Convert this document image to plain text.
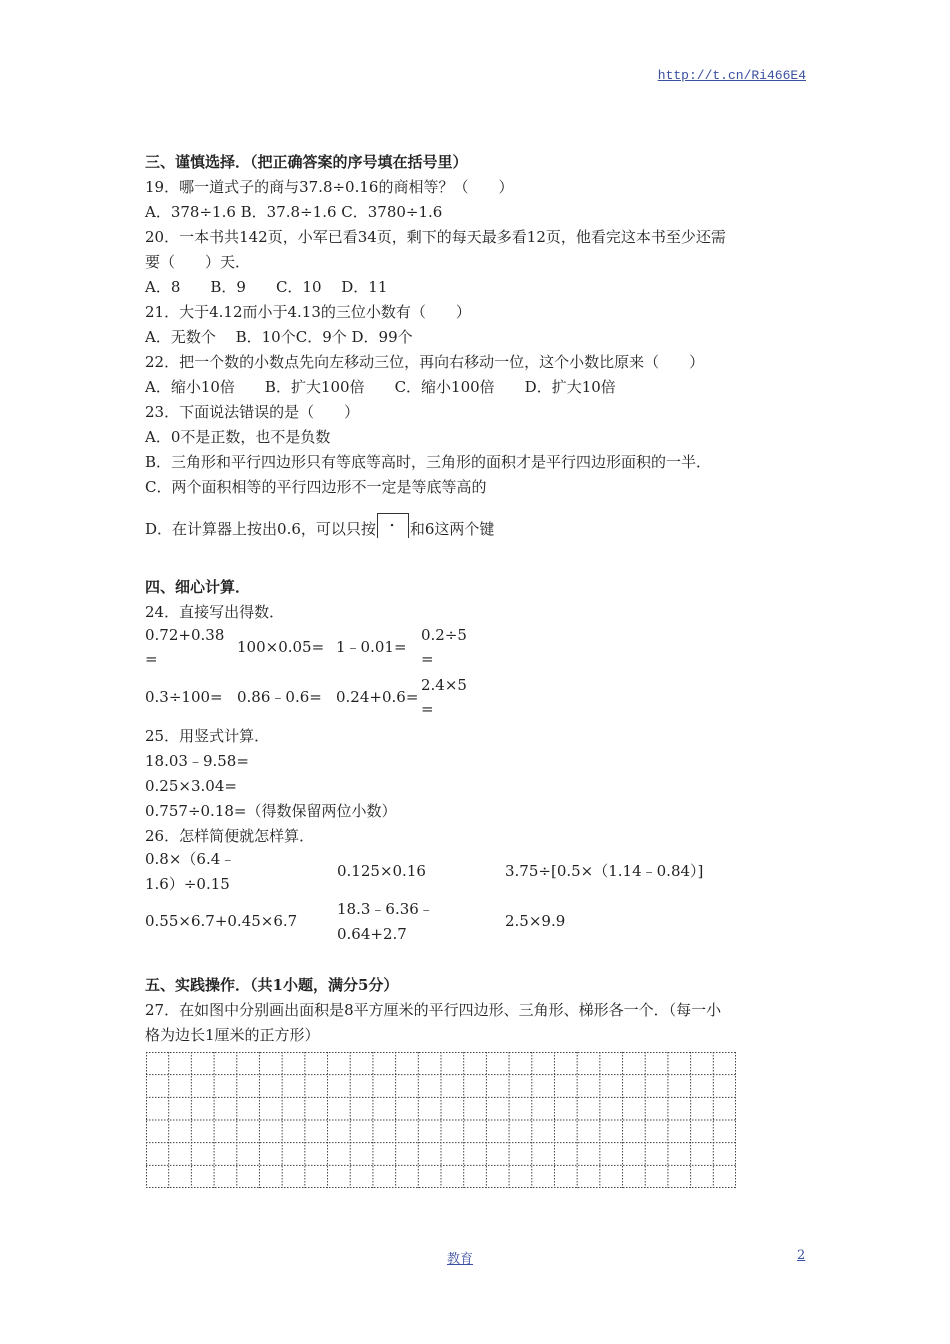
http://t.cn/Ri466E4
三、谨慎选择．（把正确答案的序号填在括号里）
19．哪一道式子的商与37.8÷0.16的商相等？（　　）
A．378÷1.6 B．37.8÷1.6 C．3780÷1.6
20．一本书共142页，小军已看34页，剩下的每天最多看12页，他看完这本书至少还需
要（　　）天．
A．8　　B．9　　C．10　 D．11
21．大于4.12而小于4.13的三位小数有（　　）
A．无数个　 B．10个C．9个 D．99个
22．把一个数的小数点先向左移动三位，再向右移动一位，这个小数比原来（　　）
A．缩小10倍　　B．扩大100倍　　C．缩小100倍　　D．扩大10倍
23．下面说法错误的是（　　）
A．0不是正数，也不是负数
B．三角形和平行四边形只有等底等高时，三角形的面积才是平行四边形面积的一半．
C．两个面积相等的平行四边形不一定是等底等高的
D．在计算器上按出0.6，可以只按 ． 和6这两个键
四、细心计算．
24．直接写出得数．
0.72+0.38
=
100×0.05= 1﹣0.01=
0.2÷5
=
0.3÷100= 0.86﹣0.6= 0.24+0.6=
2.4×5
=
25．用竖式计算．
18.03﹣9.58=
0.25×3.04=
0.757÷0.18=（得数保留两位小数）
26．怎样简便就怎样算．
0.8×（6.4﹣
1.6）÷0.15
0.125×0.16	3.75÷[0.5×（1.14﹣0.84）]
0.55×6.7+0.45×6.7
18.3﹣6.36﹣
0.64+2.7
2.5×9.9
五、实践操作．（共1小题，满分5分）
27．在如图中分别画出面积是8平方厘米的平行四边形、三角形、梯形各一个．（每一小
格为边长1厘米的正方形）
教育	2
